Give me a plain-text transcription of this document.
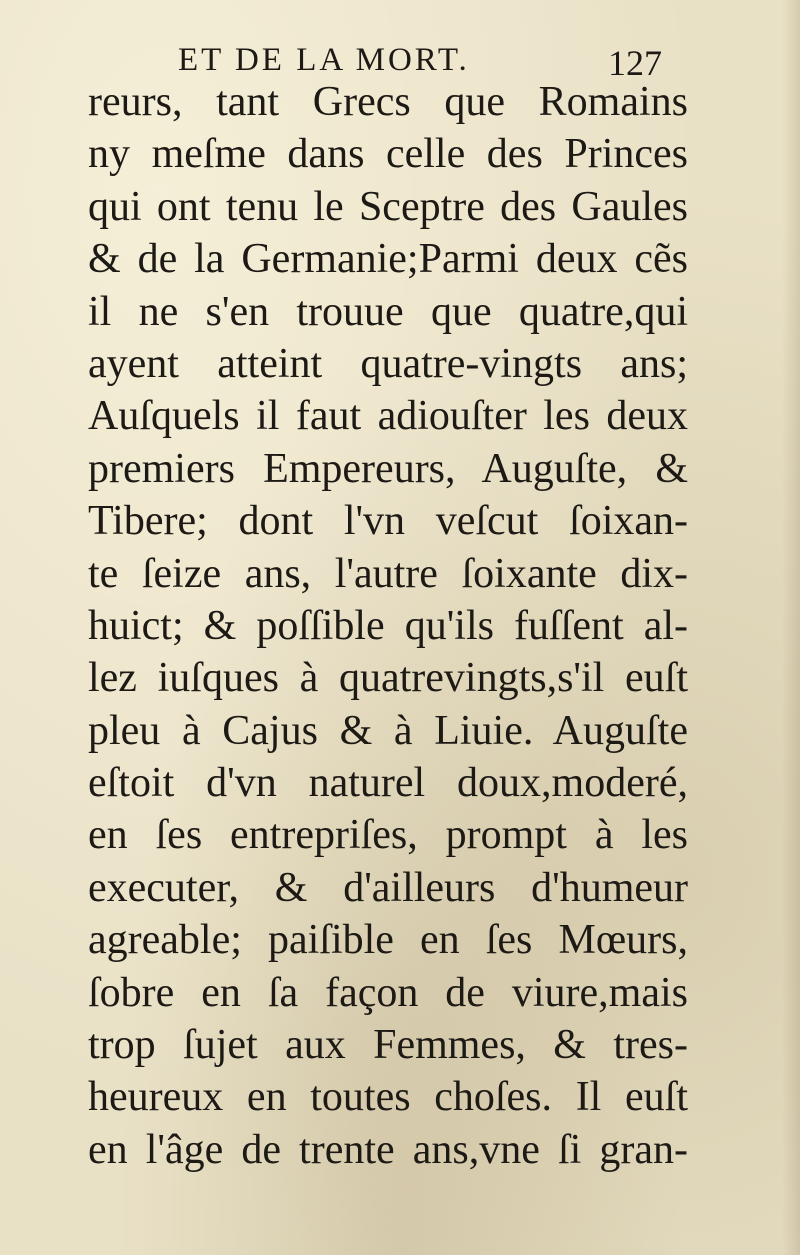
ET DE LA MORT.	127
reurs, tant Grecs que Romains
ny meſme dans celle des Princes
qui ont tenu le Sceptre des Gaules
& de la Germanie;Parmi deux cẽs
il ne s'en trouue que quatre,qui
ayent atteint quatre-vingts ans;
Auſquels il faut adiouſter les deux
premiers Empereurs, Auguſte, &
Tibere; dont l'vn veſcut ſoixan-
te ſeize ans, l'autre ſoixante dix-
huict; & poſſible qu'ils fuſſent al-
lez iuſques à quatrevingts,s'il euſt
pleu à Cajus & à Liuie. Auguſte
eſtoit d'vn naturel doux,moderé,
en ſes entrepriſes, prompt à les
executer, & d'ailleurs d'humeur
agreable; paiſible en ſes Mœurs,
ſobre en ſa façon de viure,mais
trop ſujet aux Femmes, & tres-
heureux en toutes choſes. Il euſt
en l'âge de trente ans,vne ſi gran-
